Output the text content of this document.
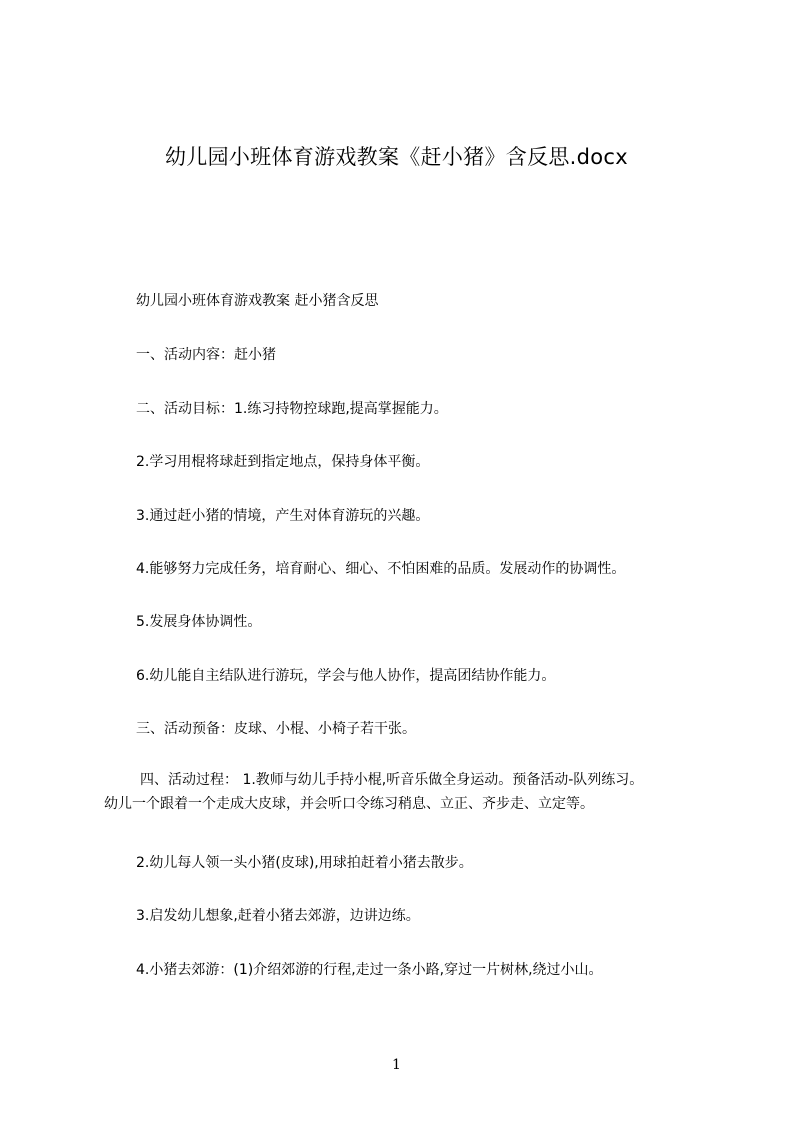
幼儿园小班体育游戏教案《赶小猪》含反思.docx
幼儿园小班体育游戏教案 赶小猪含反思
一、活动内容：赶小猪
二、活动目标：1.练习持物控球跑,提高掌握能力。
2.学习用棍将球赶到指定地点，保持身体平衡。
3.通过赶小猪的情境，产生对体育游玩的兴趣。
4.能够努力完成任务，培育耐心、细心、不怕困难的品质。发展动作的协调性。
5.发展身体协调性。
6.幼儿能自主结队进行游玩，学会与他人协作，提高团结协作能力。
三、活动预备：皮球、小棍、小椅子若干张。
四、活动过程： 1.教师与幼儿手持小棍,听音乐做全身运动。预备活动-队列练习。
幼儿一个跟着一个走成大皮球，并会听口令练习稍息、立正、齐步走、立定等。
2.幼儿每人领一头小猪(皮球),用球拍赶着小猪去散步。
3.启发幼儿想象,赶着小猪去郊游，边讲边练。
4.小猪去郊游：(1)介绍郊游的行程,走过一条小路,穿过一片树林,绕过小山。
1
